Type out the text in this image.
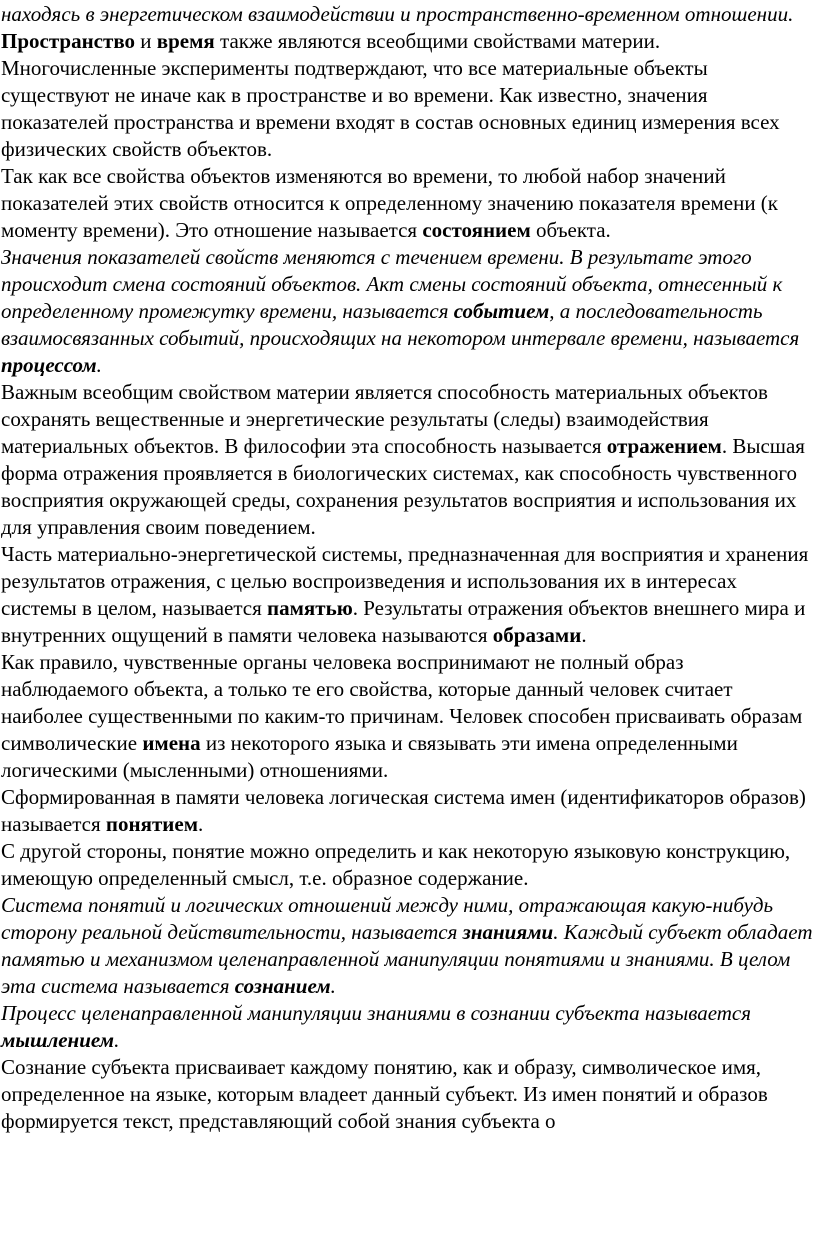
находясь в энергетическом взаимодействии и пространственно-временном отношении.

Пространство и время также являются всеобщими свойствами материи. Многочисленные эксперименты подтверждают, что все материальные объекты существуют не иначе как в пространстве и во времени. Как известно, значения показателей пространства и времени входят в состав основных единиц измерения всех физических свойств объектов.

Так как все свойства объектов изменяются во времени, то любой набор значений показателей этих свойств относится к определенному значению показателя времени (к моменту времени). Это отношение называется состоянием объекта.

Значения показателей свойств меняются с течением времени. В результате этого происходит смена состояний объектов. Акт смены состояний объекта, отнесенный к определенному промежутку времени, называется событием, а последовательность взаимосвязанных событий, происходящих на некотором интервале времени, называется процессом.

Важным всеобщим свойством материи является способность материальных объектов сохранять вещественные и энергетические результаты (следы) взаимодействия материальных объектов. В философии эта способность называется отражением. Высшая форма отражения проявляется в биологических системах, как способность чувственного восприятия окружающей среды, сохранения результатов восприятия и использования их для управления своим поведением.

Часть материально-энергетической системы, предназначенная для восприятия и хранения результатов отражения, с целью воспроизведения и использования их в интересах системы в целом, называется памятью. Результаты отражения объектов внешнего мира и внутренних ощущений в памяти человека называются образами.

Как правило, чувственные органы человека воспринимают не полный образ наблюдаемого объекта, а только те его свойства, которые данный человек считает наиболее существенными по каким-то причинам. Человек способен присваивать образам символические имена из некоторого языка и связывать эти имена определенными логическими (мысленными) отношениями.

Сформированная в памяти человека логическая система имен (идентификаторов образов) называется понятием.

С другой стороны, понятие можно определить и как некоторую языковую конструкцию, имеющую определенный смысл, т.е. образное содержание.

Система понятий и логических отношений между ними, отражающая какую-нибудь сторону реальной действительности, называется знаниями. Каждый субъект обладает памятью и механизмом целенаправленной манипуляции понятиями и знаниями. В целом эта система называется сознанием.

Процесс целенаправленной манипуляции знаниями в сознании субъекта называется мышлением.

Сознание субъекта присваивает каждому понятию, как и образу, символическое имя, определенное на языке, которым владеет данный субъект. Из имен понятий и образов формируется текст, представляющий собой знания субъекта о
